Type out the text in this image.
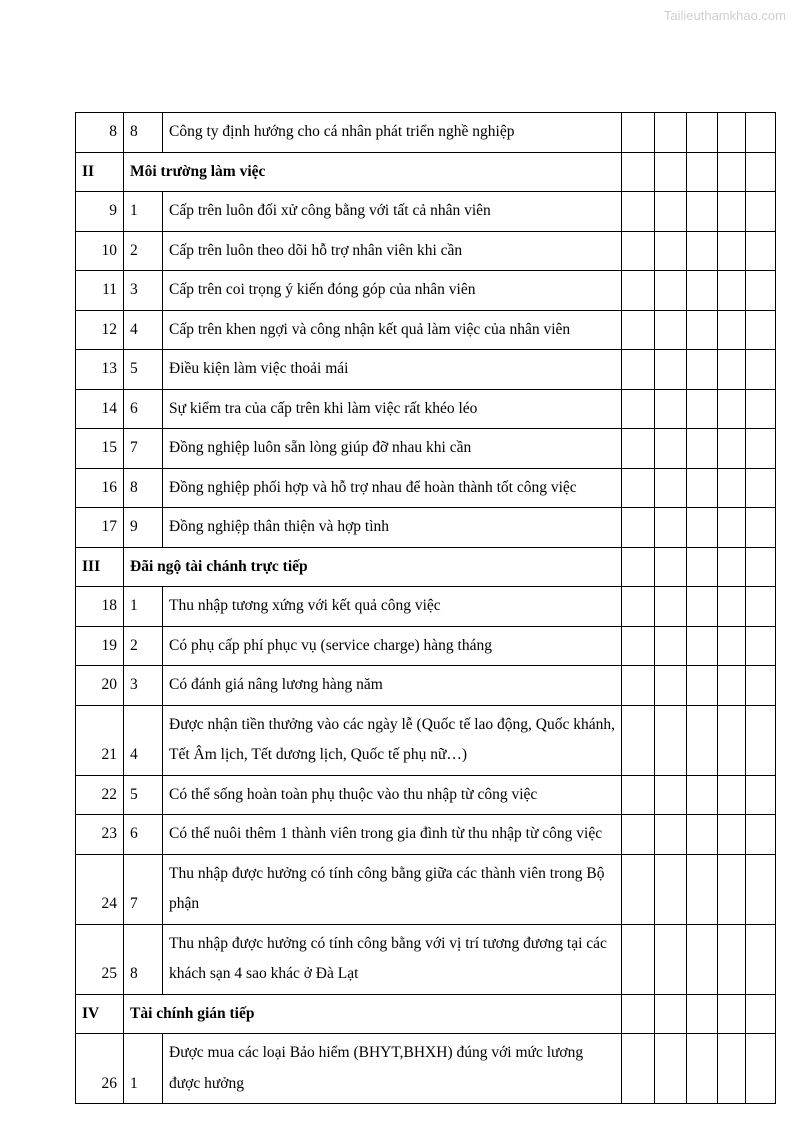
Tailieuthamkhao.com
8	8	Công ty định hướng cho cá nhân phát triển nghề nghiệp					
II	Môi trường làm việc						
9	1	Cấp trên luôn đối xử công bằng với tất cả nhân viên					
10	2	Cấp trên luôn theo dõi hỗ trợ nhân viên khi cần					
11	3	Cấp trên coi trọng ý kiến đóng góp của nhân viên					
12	4	Cấp trên khen ngợi và công nhận kết quả làm việc của nhân viên					
13	5	Điều kiện làm việc thoải mái					
14	6	Sự kiểm tra của cấp trên khi làm việc rất khéo léo					
15	7	Đồng nghiệp luôn sẵn lòng giúp đỡ nhau khi cần					
16	8	Đồng nghiệp phối hợp và hỗ trợ nhau để hoàn thành tốt công việc					
17	9	Đồng nghiệp thân thiện và hợp tình					
III	Đãi ngộ tài chánh trực tiếp						
18	1	Thu nhập tương xứng với kết quả công việc					
19	2	Có phụ cấp phí phục vụ (service charge) hàng tháng					
20	3	Có đánh giá nâng lương hàng năm					
21	4	Được nhận tiền thưởng vào các ngày lễ (Quốc tế lao động, Quốc khánh, Tết Âm lịch, Tết dương lịch, Quốc tế phụ nữ…)					
22	5	Có thể sống hoàn toàn phụ thuộc vào thu nhập từ công việc					
23	6	Có thể nuôi thêm 1 thành viên trong gia đình từ thu nhập từ công việc					
24	7	Thu nhập được hưởng có tính công bằng giữa các thành viên trong Bộ phận					
25	8	Thu nhập được hưởng có tính công bằng với vị trí tương đương tại các khách sạn 4 sao khác ở Đà Lạt					
IV	Tài chính gián tiếp						
26	1	Được mua các loại Bảo hiểm (BHYT,BHXH) đúng với mức lương được hưởng					
